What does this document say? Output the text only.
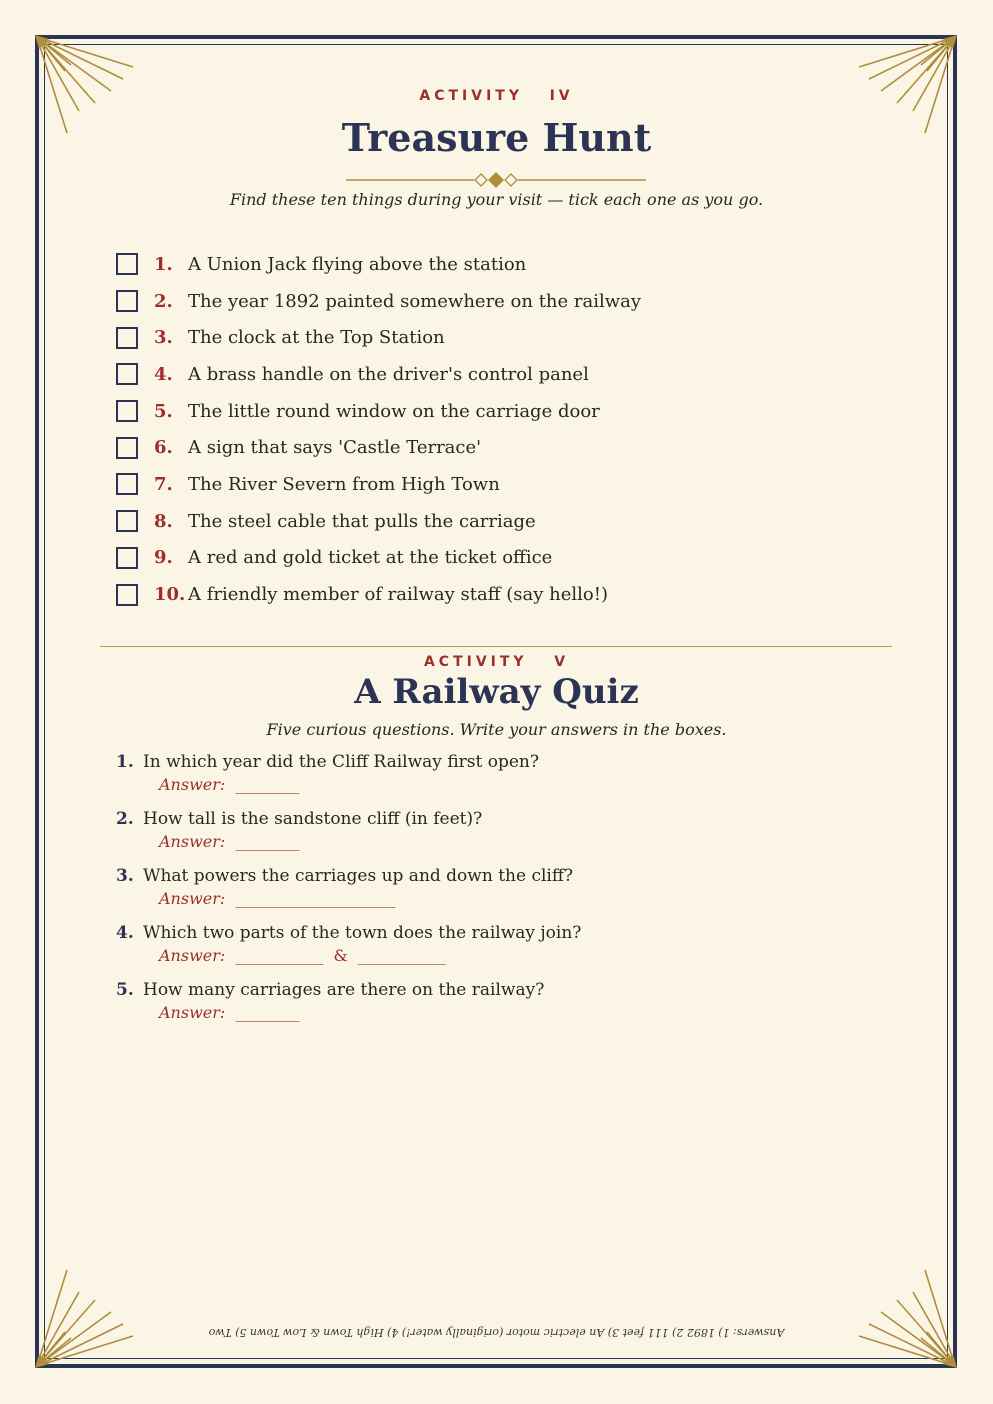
ACTIVITY   IV
Treasure Hunt
Find these ten things during your visit — tick each one as you go.
1. A Union Jack flying above the station
2. The year 1892 painted somewhere on the railway
3. The clock at the Top Station
4. A brass handle on the driver's control panel
5. The little round window on the carriage door
6. A sign that says 'Castle Terrace'
7. The River Severn from High Town
8. The steel cable that pulls the carriage
9. A red and gold ticket at the ticket office
10. A friendly member of railway staff (say hello!)
ACTIVITY   V
A Railway Quiz
Five curious questions. Write your answers in the boxes.
1. In which year did the Cliff Railway first open?
Answer: ________
2. How tall is the sandstone cliff (in feet)?
Answer: ________
3. What powers the carriages up and down the cliff?
Answer: ____________________
4. Which two parts of the town does the railway join?
Answer: ___________ & ___________
5. How many carriages are there on the railway?
Answer: ________
Answers: 1) 1892 2) 111 feet 3) An electric motor (originally water!) 4) High Town & Low Town 5) Two
